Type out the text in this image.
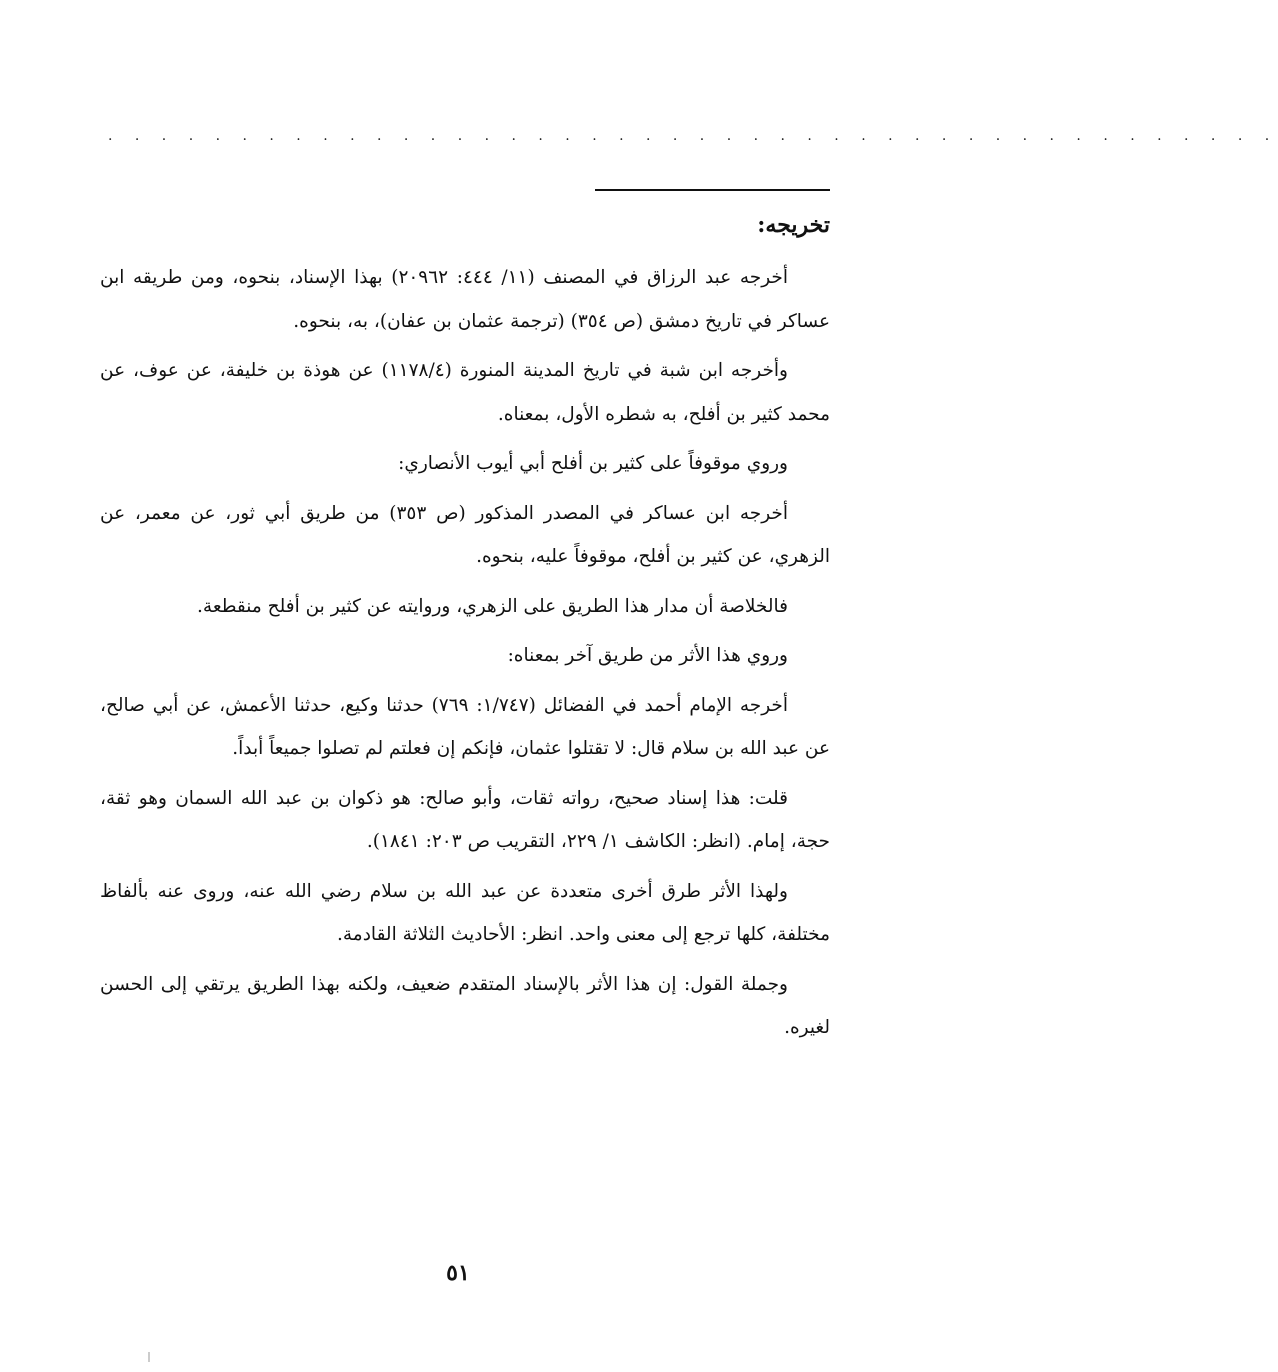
. . . . . . . . . . . . . . . . . . . . . . . . . . . . . . . . . . . . . . . . . . . .
تخريجه:

أخرجه عبد الرزاق في المصنف (١١/ ٤٤٤: ٢٠٩٦٢) بهذا الإسناد، بنحوه، ومن طريقه ابن عساكر في تاريخ دمشق (ص ٣٥٤) (ترجمة عثمان بن عفان)، به، بنحوه.

وأخرجه ابن شبة في تاريخ المدينة المنورة (١١٧٨/٤) عن هوذة بن خليفة، عن عوف، عن محمد كثير بن أفلح، به شطره الأول، بمعناه.

وروي موقوفاً على كثير بن أفلح أبي أيوب الأنصاري:

أخرجه ابن عساكر في المصدر المذكور (ص ٣٥٣) من طريق أبي ثور، عن معمر، عن الزهري، عن كثير بن أفلح، موقوفاً عليه، بنحوه.

فالخلاصة أن مدار هذا الطريق على الزهري، وروايته عن كثير بن أفلح منقطعة.

وروي هذا الأثر من طريق آخر بمعناه:

أخرجه الإمام أحمد في الفضائل (١/٧٤٧: ٧٦٩) حدثنا وكيع، حدثنا الأعمش، عن أبي صالح، عن عبد الله بن سلام قال: لا تقتلوا عثمان، فإنكم إن فعلتم لم تصلوا جميعاً أبداً.

قلت: هذا إسناد صحيح، رواته ثقات، وأبو صالح: هو ذكوان بن عبد الله السمان وهو ثقة، حجة، إمام. (انظر: الكاشف ١/ ٢٢٩، التقريب ص ٢٠٣: ١٨٤١).

ولهذا الأثر طرق أخرى متعددة عن عبد الله بن سلام رضي الله عنه، وروى عنه بألفاظ مختلفة، كلها ترجع إلى معنى واحد. انظر: الأحاديث الثلاثة القادمة.

وجملة القول: إن هذا الأثر بالإسناد المتقدم ضعيف، ولكنه بهذا الطريق يرتقي إلى الحسن لغيره.

٥١
